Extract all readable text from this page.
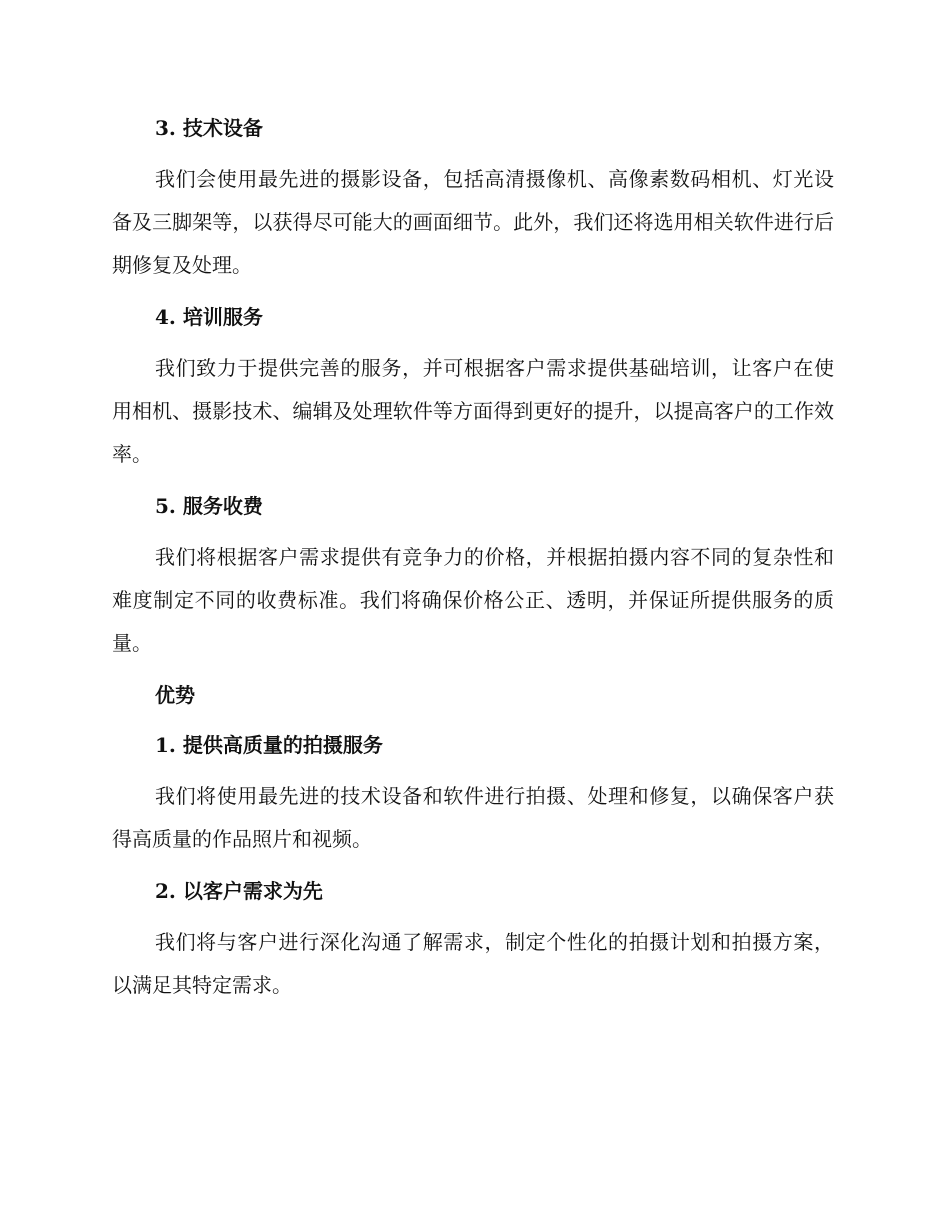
3. 技术设备

我们会使用最先进的摄影设备，包括高清摄像机、高像素数码相机、灯光设备及三脚架等，以获得尽可能大的画面细节。此外，我们还将选用相关软件进行后期修复及处理。

4. 培训服务

我们致力于提供完善的服务，并可根据客户需求提供基础培训，让客户在使用相机、摄影技术、编辑及处理软件等方面得到更好的提升，以提高客户的工作效率。

5. 服务收费

我们将根据客户需求提供有竞争力的价格，并根据拍摄内容不同的复杂性和难度制定不同的收费标准。我们将确保价格公正、透明，并保证所提供服务的质量。

优势
1. 提供高质量的拍摄服务

我们将使用最先进的技术设备和软件进行拍摄、处理和修复，以确保客户获得高质量的作品照片和视频。

2. 以客户需求为先

我们将与客户进行深化沟通了解需求，制定个性化的拍摄计划和拍摄方案，以满足其特定需求。
